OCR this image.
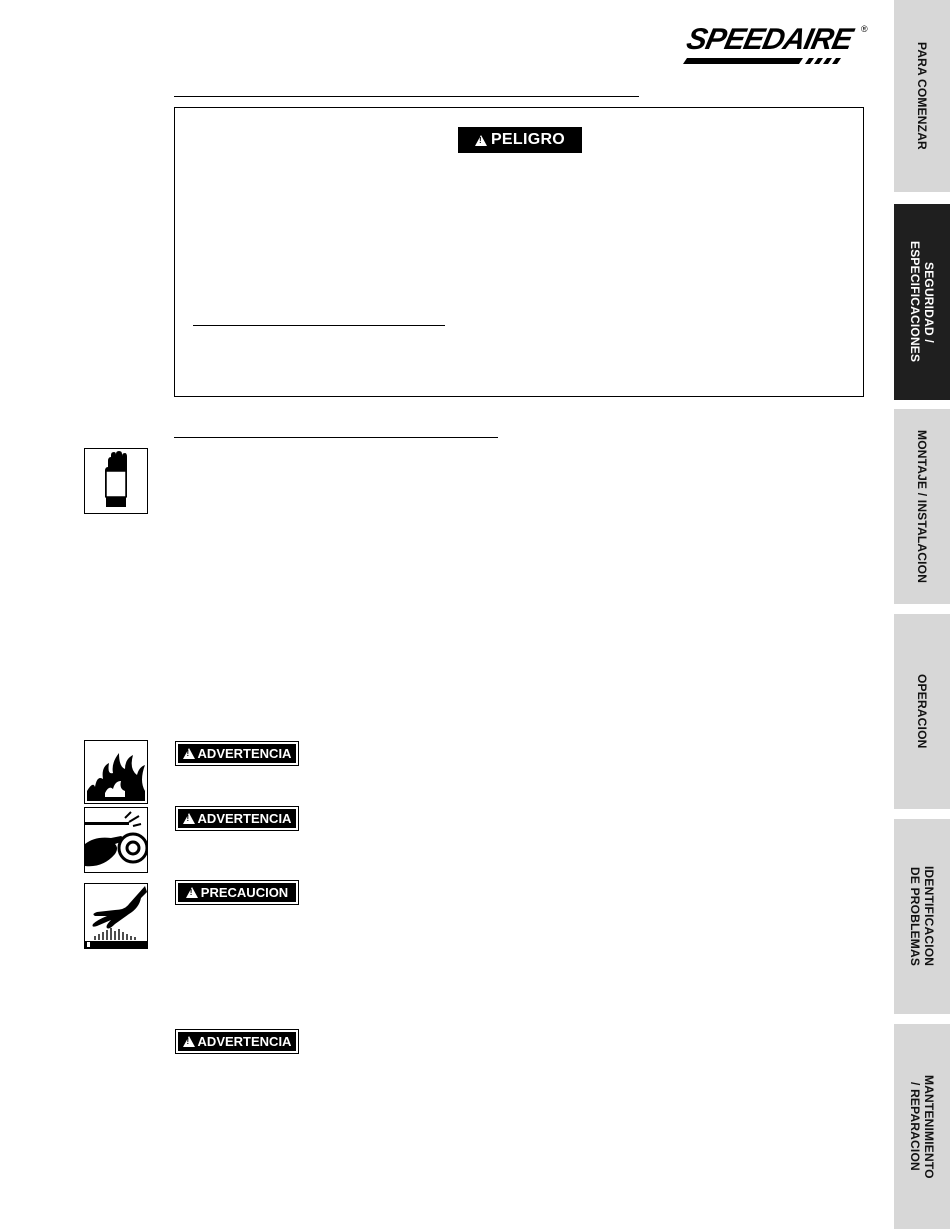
SPEEDAIRE ®
!
PELIGRO
!
ADVERTENCIA
!
ADVERTENCIA
!
PRECAUCION
!
ADVERTENCIA
PARA COMENZAR
SEGURIDAD /
ESPECIFICACIONES
MONTAJE / INSTALACION
OPERACION
IDENTIFICACION
DE PROBLEMAS
MANTENIMIENTO
/ REPARACION
